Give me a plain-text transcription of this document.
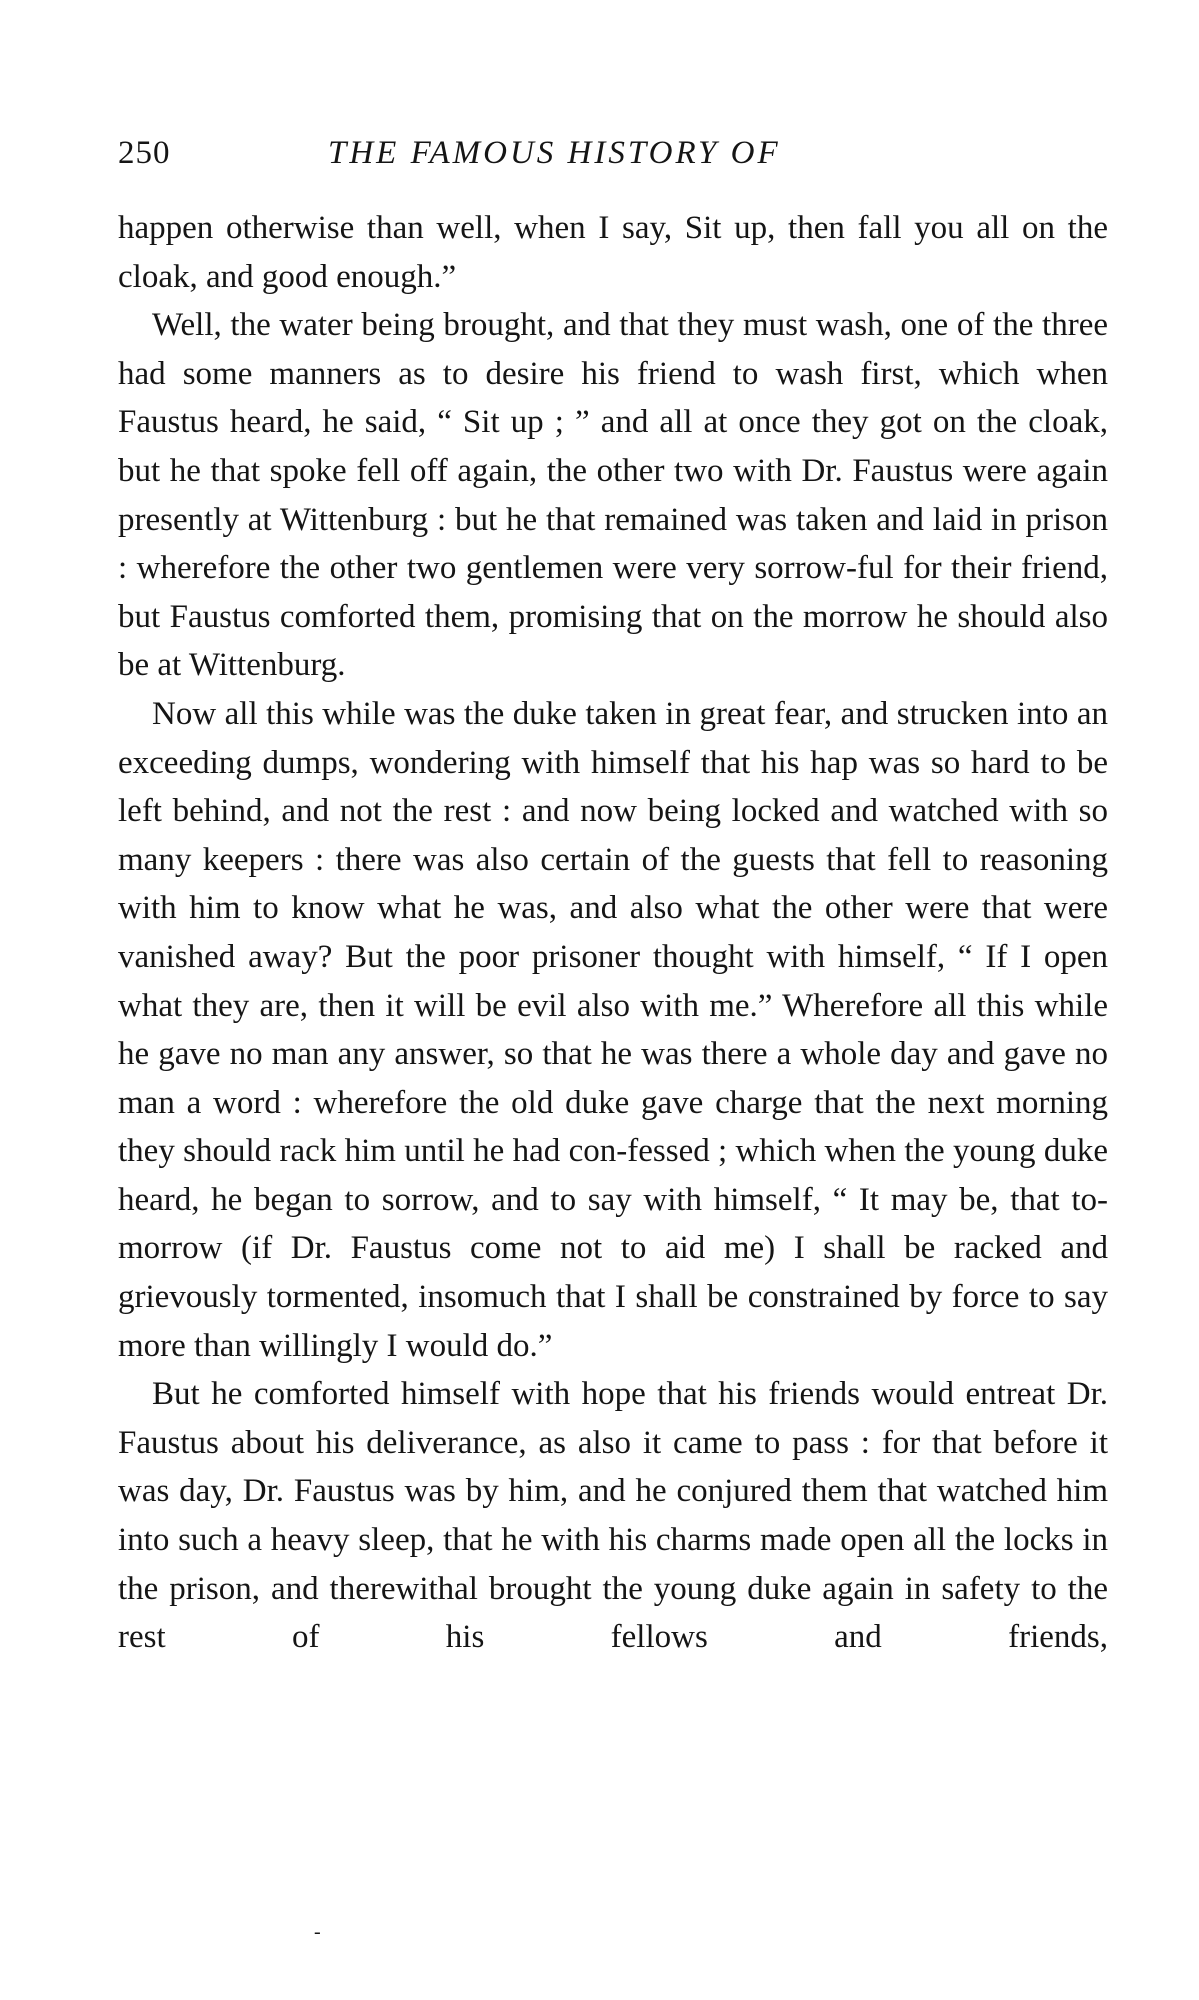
250	THE FAMOUS HISTORY OF

happen otherwise than well, when I say, Sit up, then fall you all on the cloak, and good enough.”

Well, the water being brought, and that they must wash, one of the three had some manners as to desire his friend to wash first, which when Faustus heard, he said, “ Sit up ; ” and all at once they got on the cloak, but he that spoke fell off again, the other two with Dr. Faustus were again presently at Wittenburg : but he that remained was taken and laid in prison : wherefore the other two gentlemen were very sorrow-ful for their friend, but Faustus comforted them, promising that on the morrow he should also be at Wittenburg.

Now all this while was the duke taken in great fear, and strucken into an exceeding dumps, wondering with himself that his hap was so hard to be left behind, and not the rest : and now being locked and watched with so many keepers : there was also certain of the guests that fell to reasoning with him to know what he was, and also what the other were that were vanished away? But the poor prisoner thought with himself, “ If I open what they are, then it will be evil also with me.” Wherefore all this while he gave no man any answer, so that he was there a whole day and gave no man a word : wherefore the old duke gave charge that the next morning they should rack him until he had con-fessed ; which when the young duke heard, he began to sorrow, and to say with himself, “ It may be, that to-morrow (if Dr. Faustus come not to aid me) I shall be racked and grievously tormented, insomuch that I shall be constrained by force to say more than willingly I would do.”

But he comforted himself with hope that his friends would entreat Dr. Faustus about his deliverance, as also it came to pass : for that before it was day, Dr. Faustus was by him, and he conjured them that watched him into such a heavy sleep, that he with his charms made open all the locks in the prison, and therewithal brought the young duke again in safety to the rest of his fellows and friends,

-
